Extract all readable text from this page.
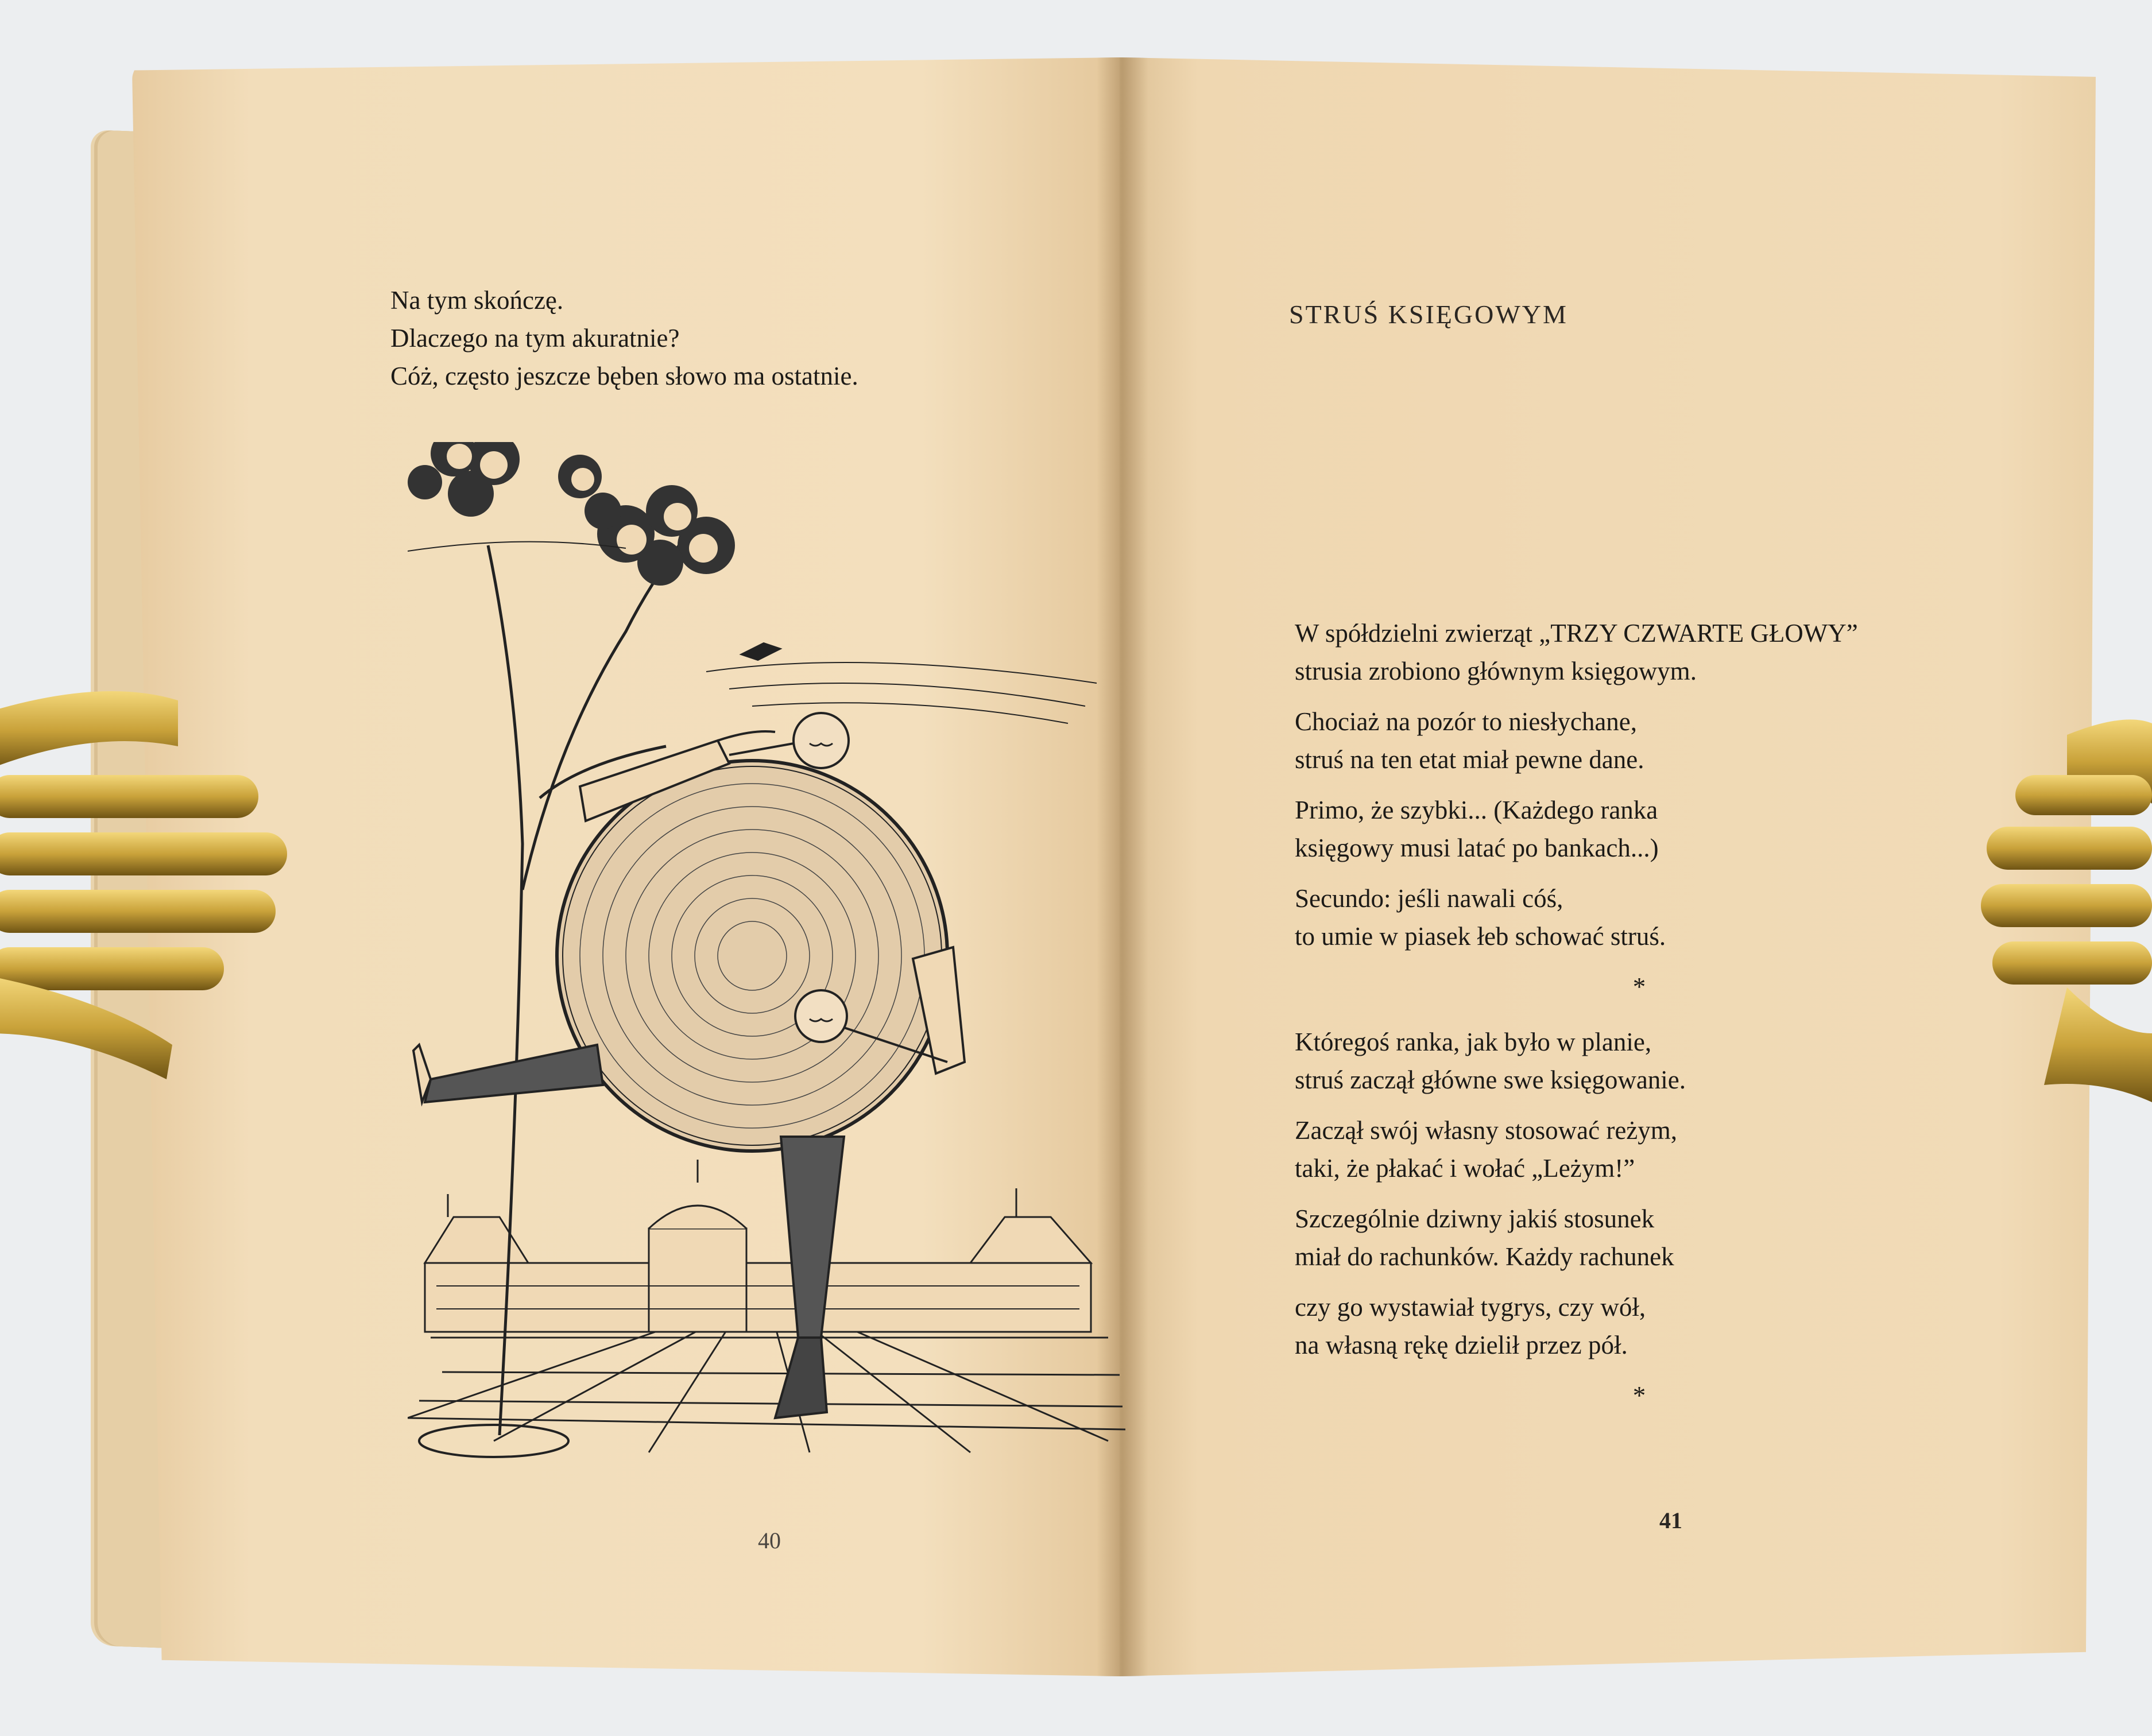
Na tym skończę.
Dlaczego na tym akuratnie?
Cóż, często jeszcze bęben słowo ma ostatnie.
40
STRUŚ KSIĘGOWYM
W spółdzielni zwierząt „TRZY CZWARTE GŁOWY”
strusia zrobiono głównym księgowym.
Chociaż na pozór to niesłychane,
struś na ten etat miał pewne dane.
Primo, że szybki... (Każdego ranka
księgowy musi latać po bankach...)
Secundo: jeśli nawali cóś,
to umie w piasek łeb schować struś.
*
Któregoś ranka, jak było w planie,
struś zaczął główne swe księgowanie.
Zaczął swój własny stosować reżym,
taki, że płakać i wołać „Leżym!”
Szczególnie dziwny jakiś stosunek
miał do rachunków. Każdy rachunek
czy go wystawiał tygrys, czy wół,
na własną rękę dzielił przez pół.
*
41
